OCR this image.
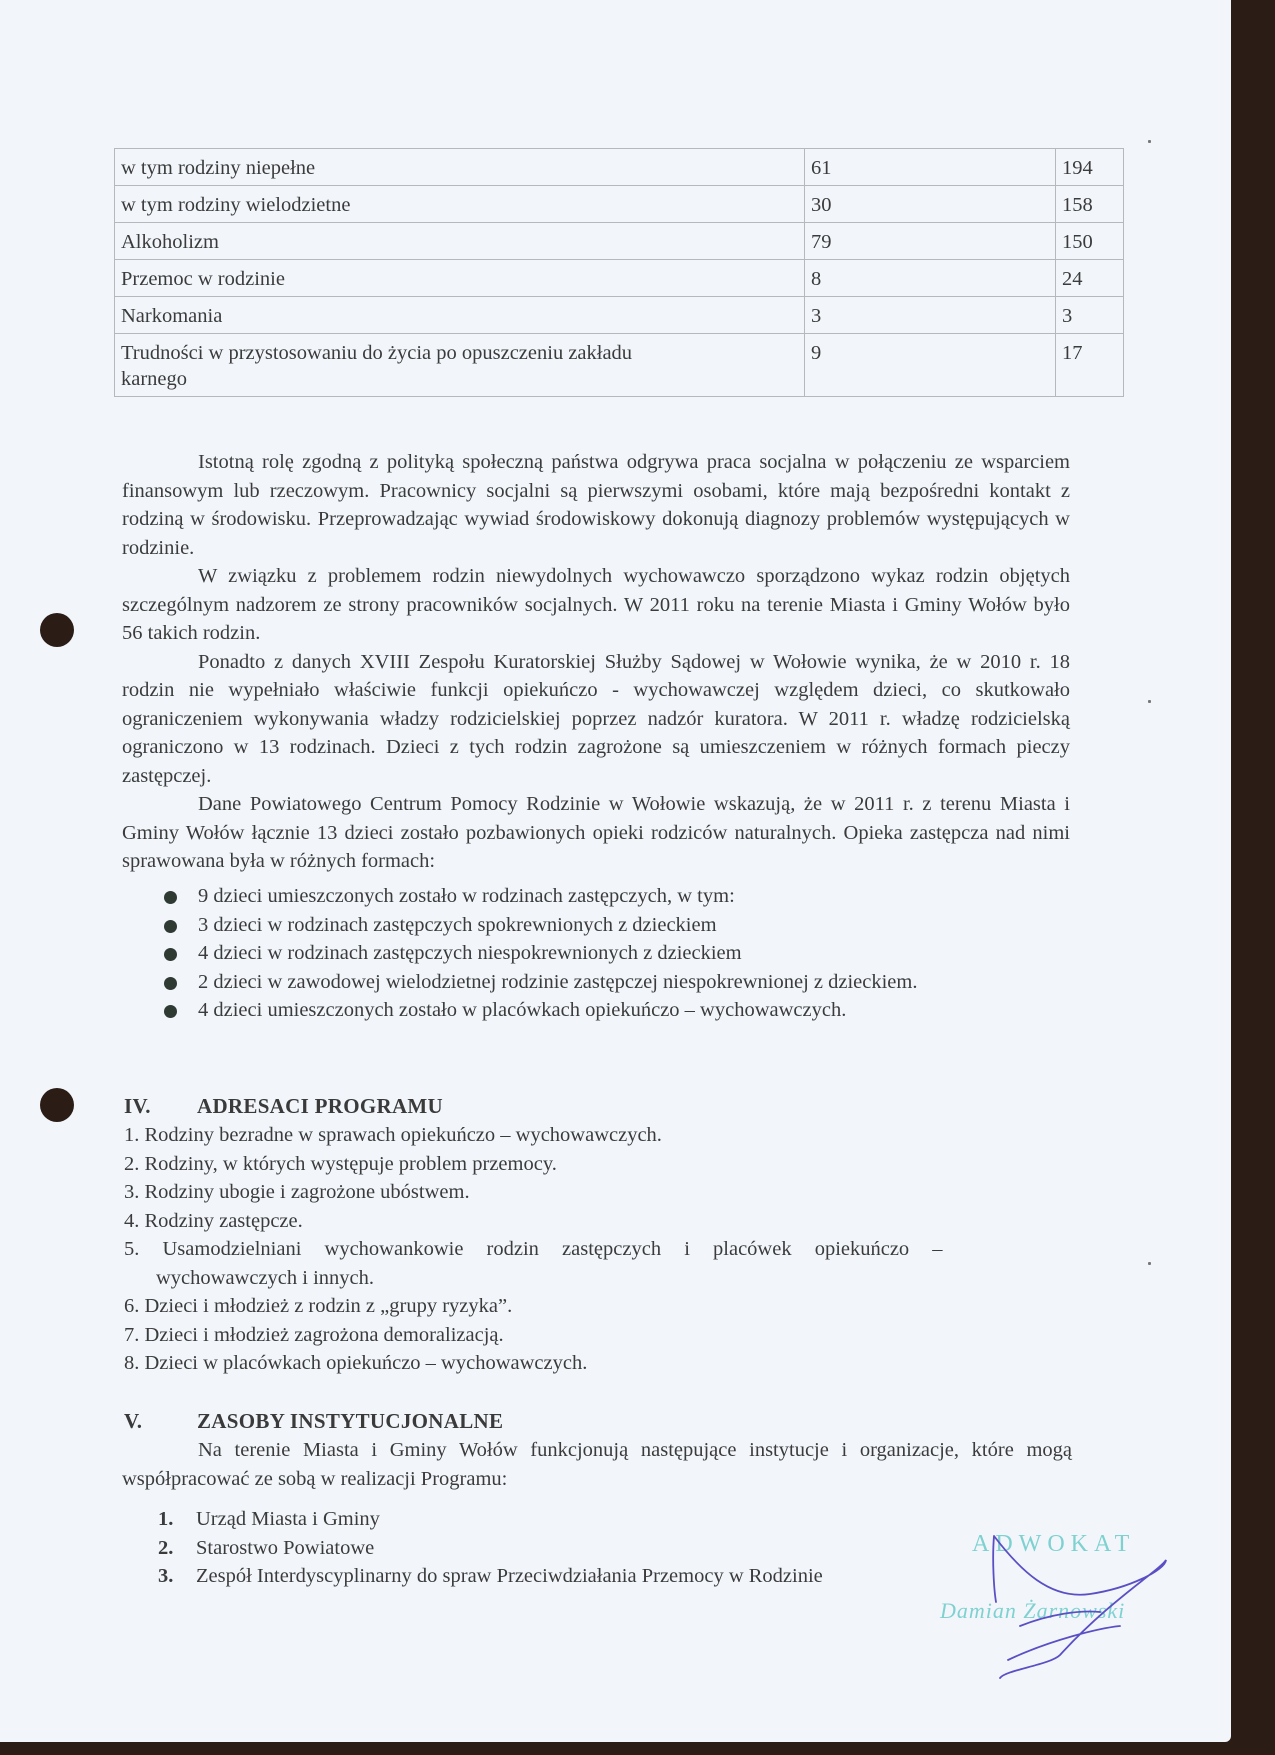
w tym rodziny niepełne	61	194
w tym rodziny wielodzietne	30	158
Alkoholizm	79	150
Przemoc w rodzinie	8	24
Narkomania	3	3
Trudności w przystosowaniu do życia po opuszczeniu zakładu karnego	9	17

Istotną rolę zgodną z polityką społeczną państwa odgrywa praca socjalna w połączeniu ze wsparciem finansowym lub rzeczowym. Pracownicy socjalni są pierwszymi osobami, które mają bezpośredni kontakt z rodziną w środowisku. Przeprowadzając wywiad środowiskowy dokonują diagnozy problemów występujących w rodzinie.

W związku z problemem rodzin niewydolnych wychowawczo sporządzono wykaz rodzin objętych szczególnym nadzorem ze strony pracowników socjalnych. W 2011 roku na terenie Miasta i Gminy Wołów było 56 takich rodzin.

Ponadto z danych XVIII Zespołu Kuratorskiej Służby Sądowej w Wołowie wynika, że w 2010 r. 18 rodzin nie wypełniało właściwie funkcji opiekuńczo - wychowawczej względem dzieci, co skutkowało ograniczeniem wykonywania władzy rodzicielskiej poprzez nadzór kuratora. W 2011 r. władzę rodzicielską ograniczono w 13 rodzinach. Dzieci z tych rodzin zagrożone są umieszczeniem w różnych formach pieczy zastępczej.

Dane Powiatowego Centrum Pomocy Rodzinie w Wołowie wskazują, że w 2011 r. z terenu Miasta i Gminy Wołów łącznie 13 dzieci zostało pozbawionych opieki rodziców naturalnych. Opieka zastępcza nad nimi sprawowana była w różnych formach:

9 dzieci umieszczonych zostało w rodzinach zastępczych, w tym:
3 dzieci w rodzinach zastępczych spokrewnionych z dzieckiem
4 dzieci w rodzinach zastępczych niespokrewnionych z dzieckiem
2 dzieci w zawodowej wielodzietnej rodzinie zastępczej niespokrewnionej z dzieckiem.
4 dzieci umieszczonych zostało w placówkach opiekuńczo – wychowawczych.
IV. ADRESACI PROGRAMU
1. Rodziny bezradne w sprawach opiekuńczo – wychowawczych.
2. Rodziny, w których występuje problem przemocy.
3. Rodziny ubogie i zagrożone ubóstwem.
4. Rodziny zastępcze.
5. Usamodzielniani wychowankowie rodzin zastępczych i placówek opiekuńczo –
wychowawczych i innych.
6. Dzieci i młodzież z rodzin z „grupy ryzyka”.
7. Dzieci i młodzież zagrożona demoralizacją.
8. Dzieci w placówkach opiekuńczo – wychowawczych.
V.	ZASOBY INSTYTUCJONALNE

Na terenie Miasta i Gminy Wołów funkcjonują następujące instytucje i organizacje, które mogą współpracować ze sobą w realizacji Programu:

1. Urząd Miasta i Gminy
2. Starostwo Powiatowe
3. Zespół Interdyscyplinarny do spraw Przeciwdziałania Przemocy w Rodzinie
ADWOKAT
Damian Żarnowski
